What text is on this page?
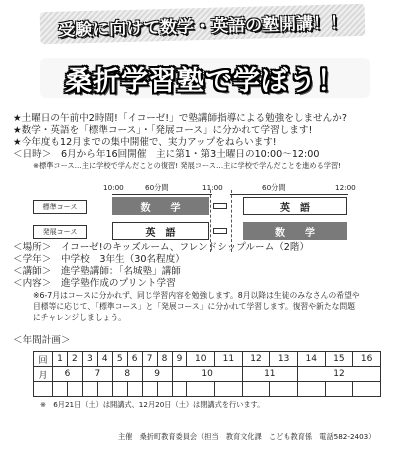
受験に向けて数学・英語の塾開講！！
桑折学習塾で学ぼう！
★土曜日の午前中2時間!「イコーゼ!」で塾講師指導による勉強をしませんか?
★数学・英語を「標準コース」・「発展コース」に分かれて学習します!
★今年度も12月までの集中開催で、実力アップをねらいます!
＜日時＞　6月から年16回開催　主に第1・第3土曜日の10:00～12:00
※標準コース…主に学校で学んだことの復習! 発展コース…主に学校で学んだことを進める学習!
10:00	11:00	12:00
60分間	60分間
標準コース
発展コース
数　　学	英　語
英　語	数　　学
＜場所＞　イコーゼ!のキッズルーム、フレンドシップルーム（2階）
＜学年＞　中学校　3年生（30名程度）
＜講師＞　進学塾講師：「名城塾」講師
＜内容＞　進学塾作成のプリント学習
※6-7月はコースに分かれず、同じ学習内容を勉強します。8月以降は生徒のみなさんの希望や
目標等に応じて、「標準コース」と「発展コース」に分かれて学習します。復習や新たな問題
にチャレンジしましょう。
＜年間計画＞
回	1	2	3	4	5	6	7	8	9	10	11	12	13	14	15	16
月	6		7		8		9		10			11		12		

※　6月21日（土）は開講式、12月20日（土）は閉講式を行います。
主催　桑折町教育委員会（担当　教育文化課　こども教育係　電話582-2403）
